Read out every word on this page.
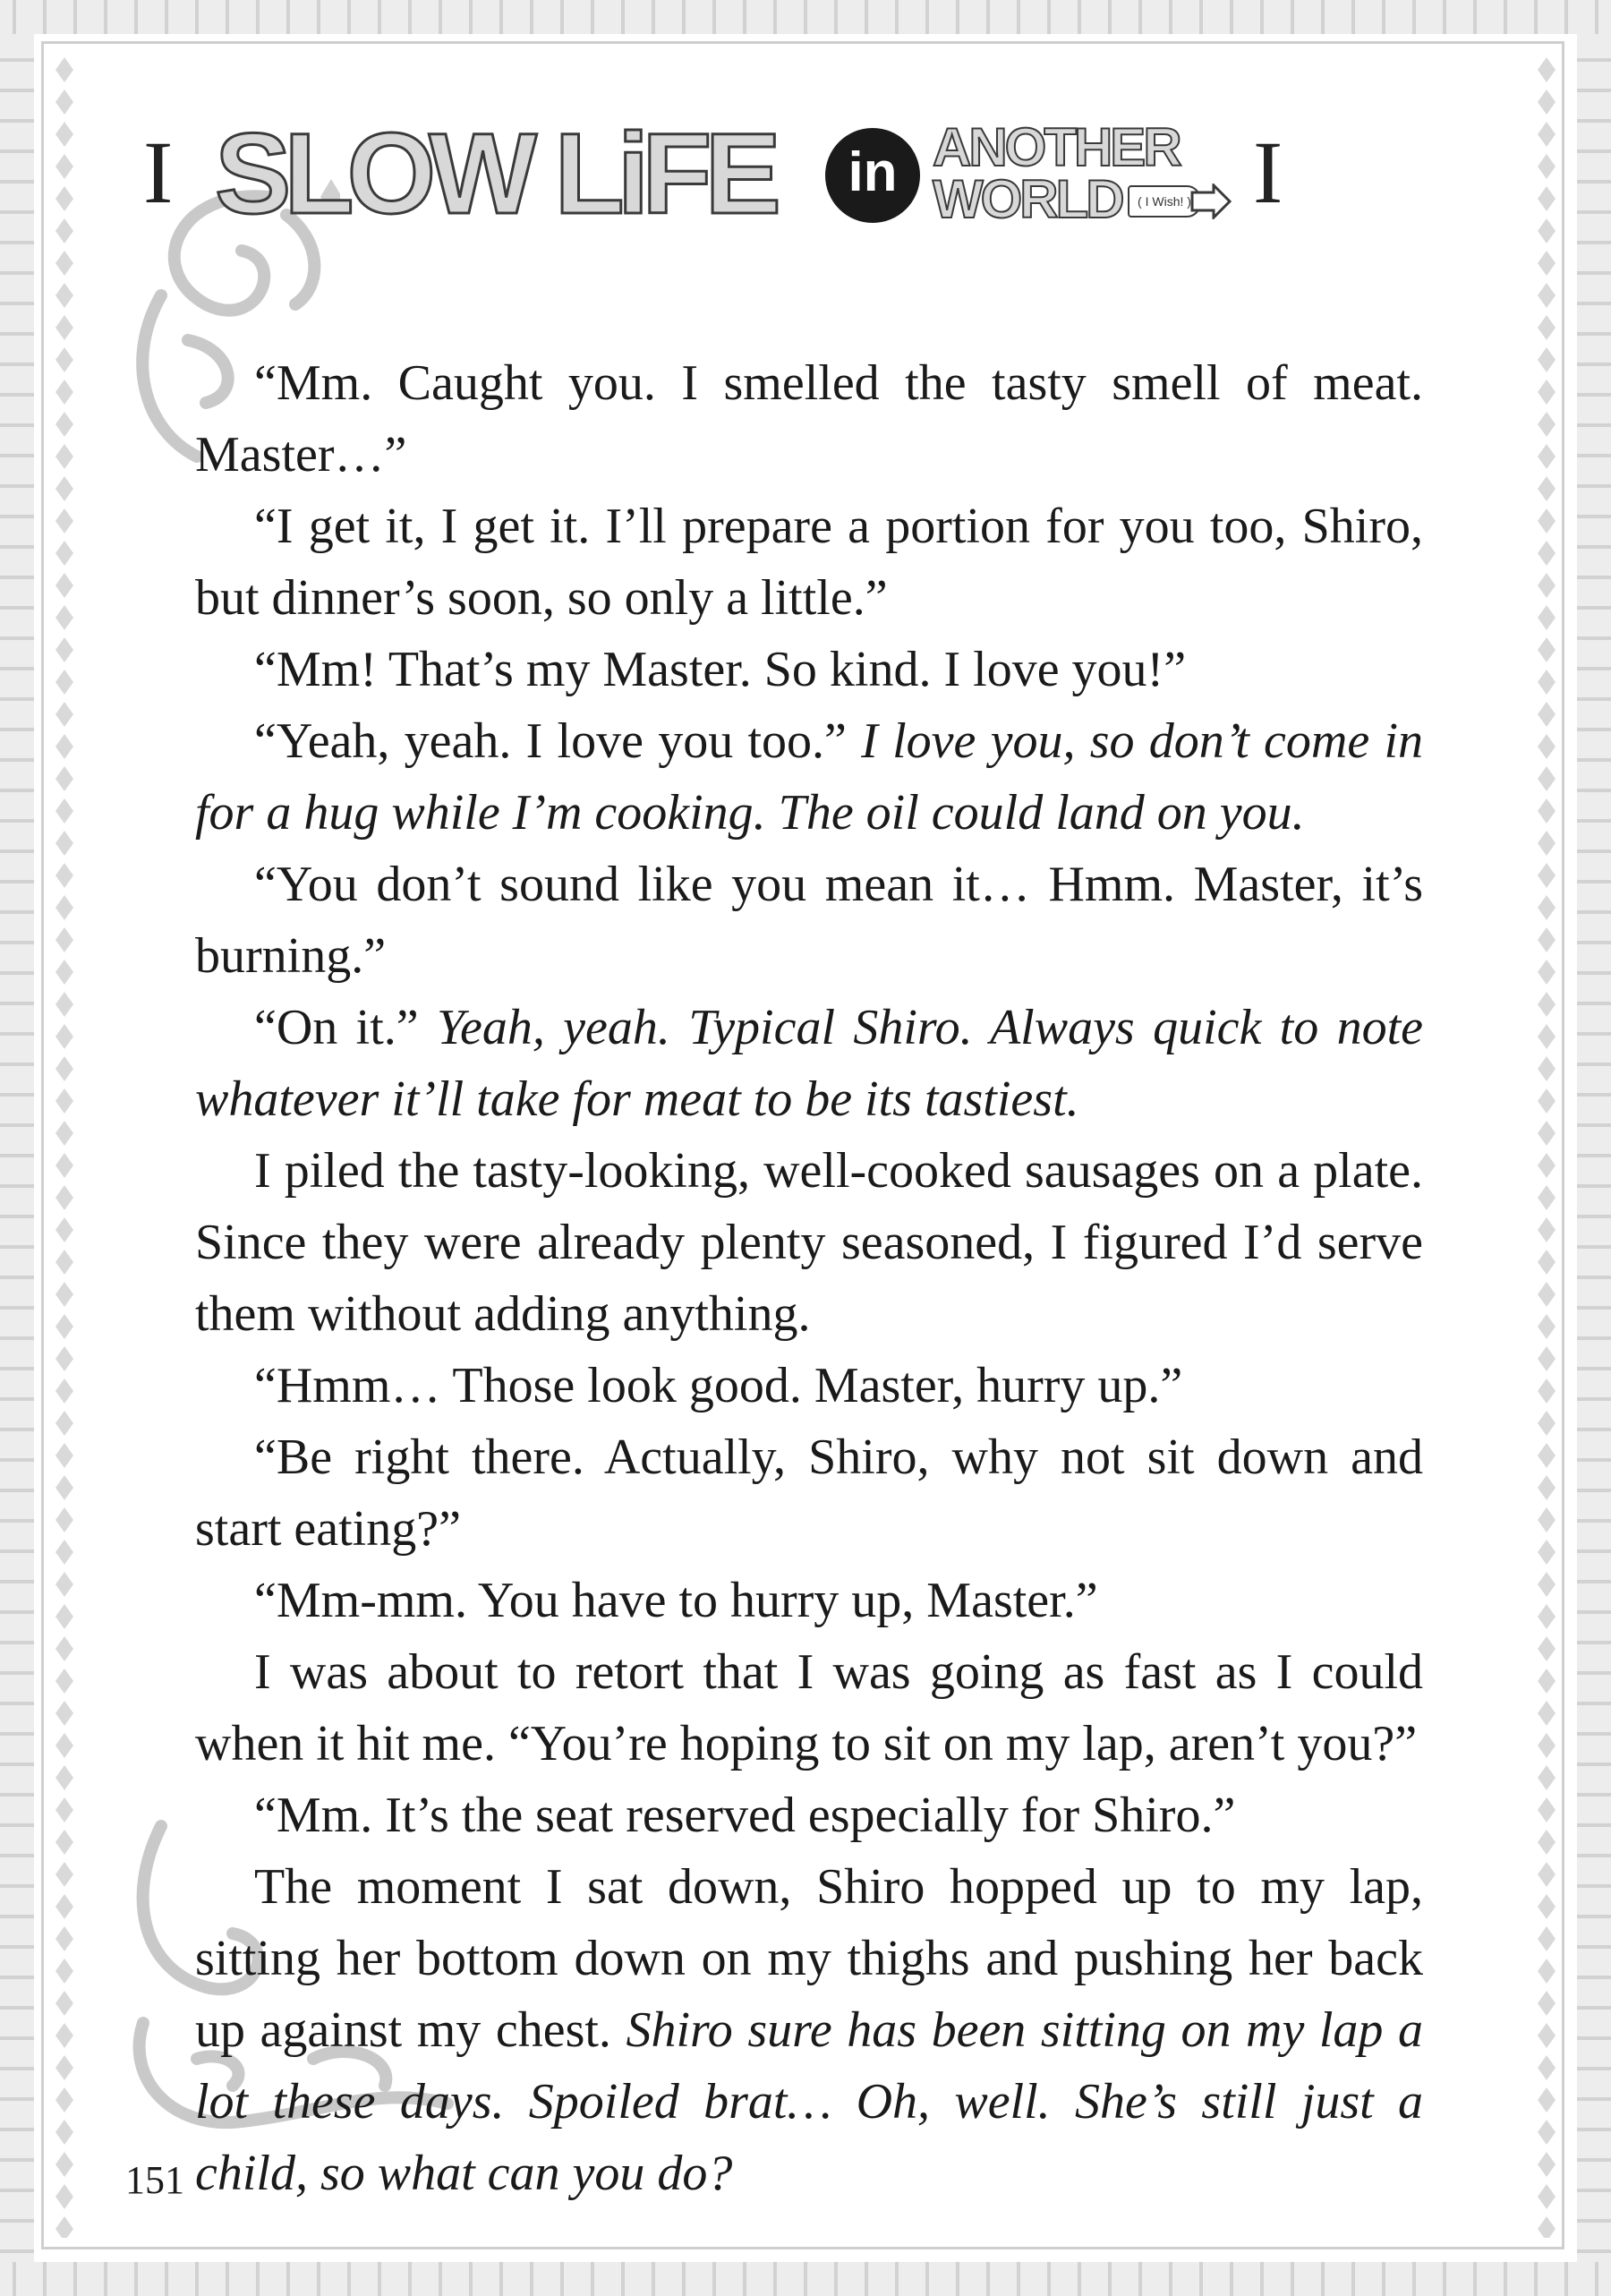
I SLOW LiFE	in ANOTHER
WORLD	( I Wish! ) I

“Mm. Caught you. I smelled the tasty smell of meat. Master…”

“I get it, I get it. I’ll prepare a portion for you too, Shiro, but dinner’s soon, so only a little.”

“Mm! That’s my Master. So kind. I love you!”

“Yeah, yeah. I love you too.” I love you, so don’t come in for a hug while I’m cooking. The oil could land on you.

“You don’t sound like you mean it… Hmm. Master, it’s burning.”

“On it.” Yeah, yeah. Typical Shiro. Always quick to note whatever it’ll take for meat to be its tastiest.

I piled the tasty-looking, well-cooked sausages on a plate. Since they were already plenty seasoned, I figured I’d serve them without adding anything.

“Hmm… Those look good. Master, hurry up.”

“Be right there. Actually, Shiro, why not sit down and start eating?”

“Mm-mm. You have to hurry up, Master.”

I was about to retort that I was going as fast as I could when it hit me. “You’re hoping to sit on my lap, aren’t you?”

“Mm. It’s the seat reserved especially for Shiro.”

The moment I sat down, Shiro hopped up to my lap, sitting her bottom down on my thighs and pushing her back up against my chest. Shiro sure has been sitting on my lap a lot these days. Spoiled brat… Oh, well. She’s still just a child, so what can you do?

151
